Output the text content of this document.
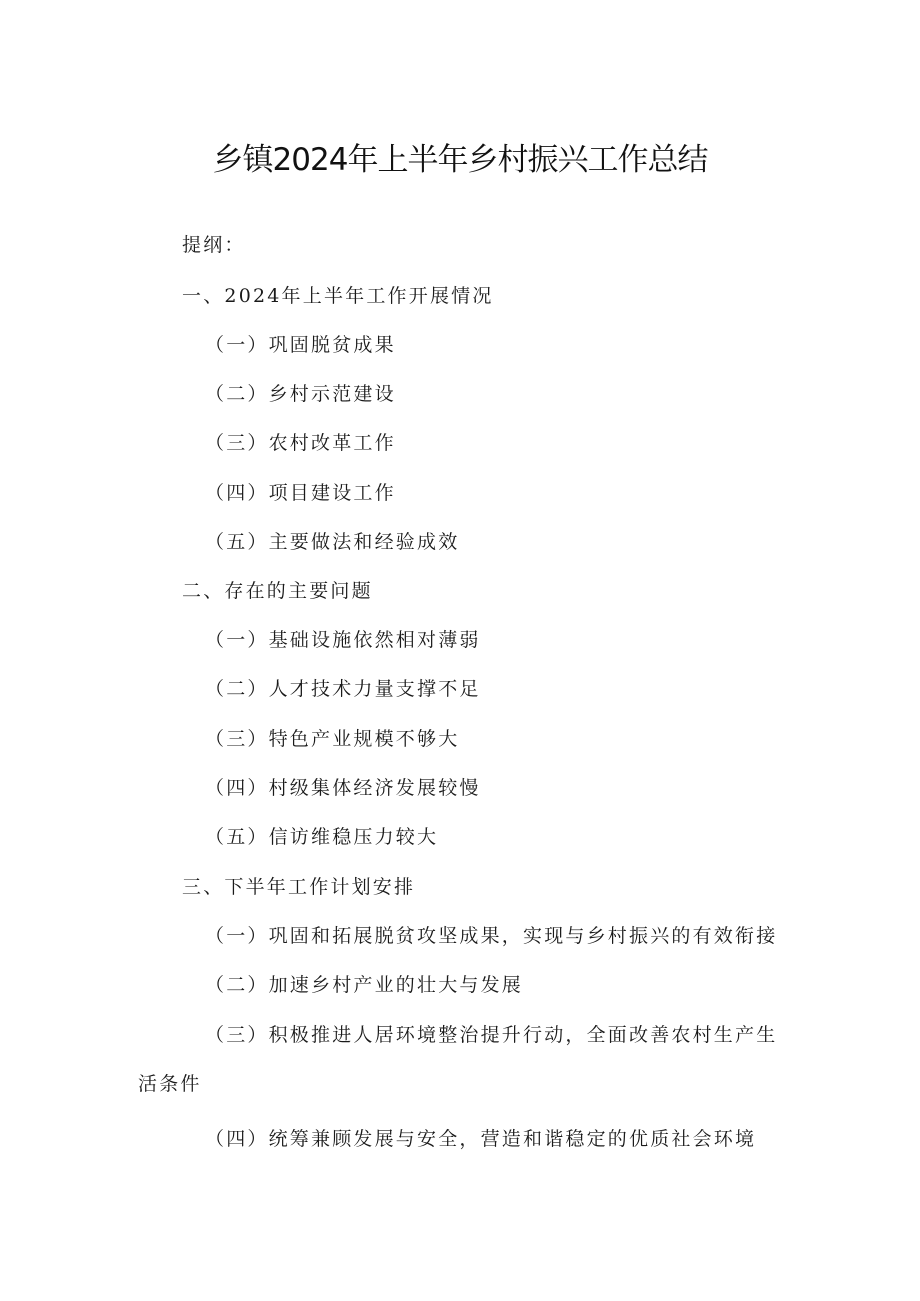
乡镇2024年上半年乡村振兴工作总结

提纲：

一、2024年上半年工作开展情况

（一）巩固脱贫成果

（二）乡村示范建设

（三）农村改革工作

（四）项目建设工作

（五）主要做法和经验成效

二、存在的主要问题

（一）基础设施依然相对薄弱

（二）人才技术力量支撑不足

（三）特色产业规模不够大

（四）村级集体经济发展较慢

（五）信访维稳压力较大

三、下半年工作计划安排

（一）巩固和拓展脱贫攻坚成果，实现与乡村振兴的有效衔接

（二）加速乡村产业的壮大与发展

（三）积极推进人居环境整治提升行动，全面改善农村生产生

活条件

（四）统筹兼顾发展与安全，营造和谐稳定的优质社会环境
